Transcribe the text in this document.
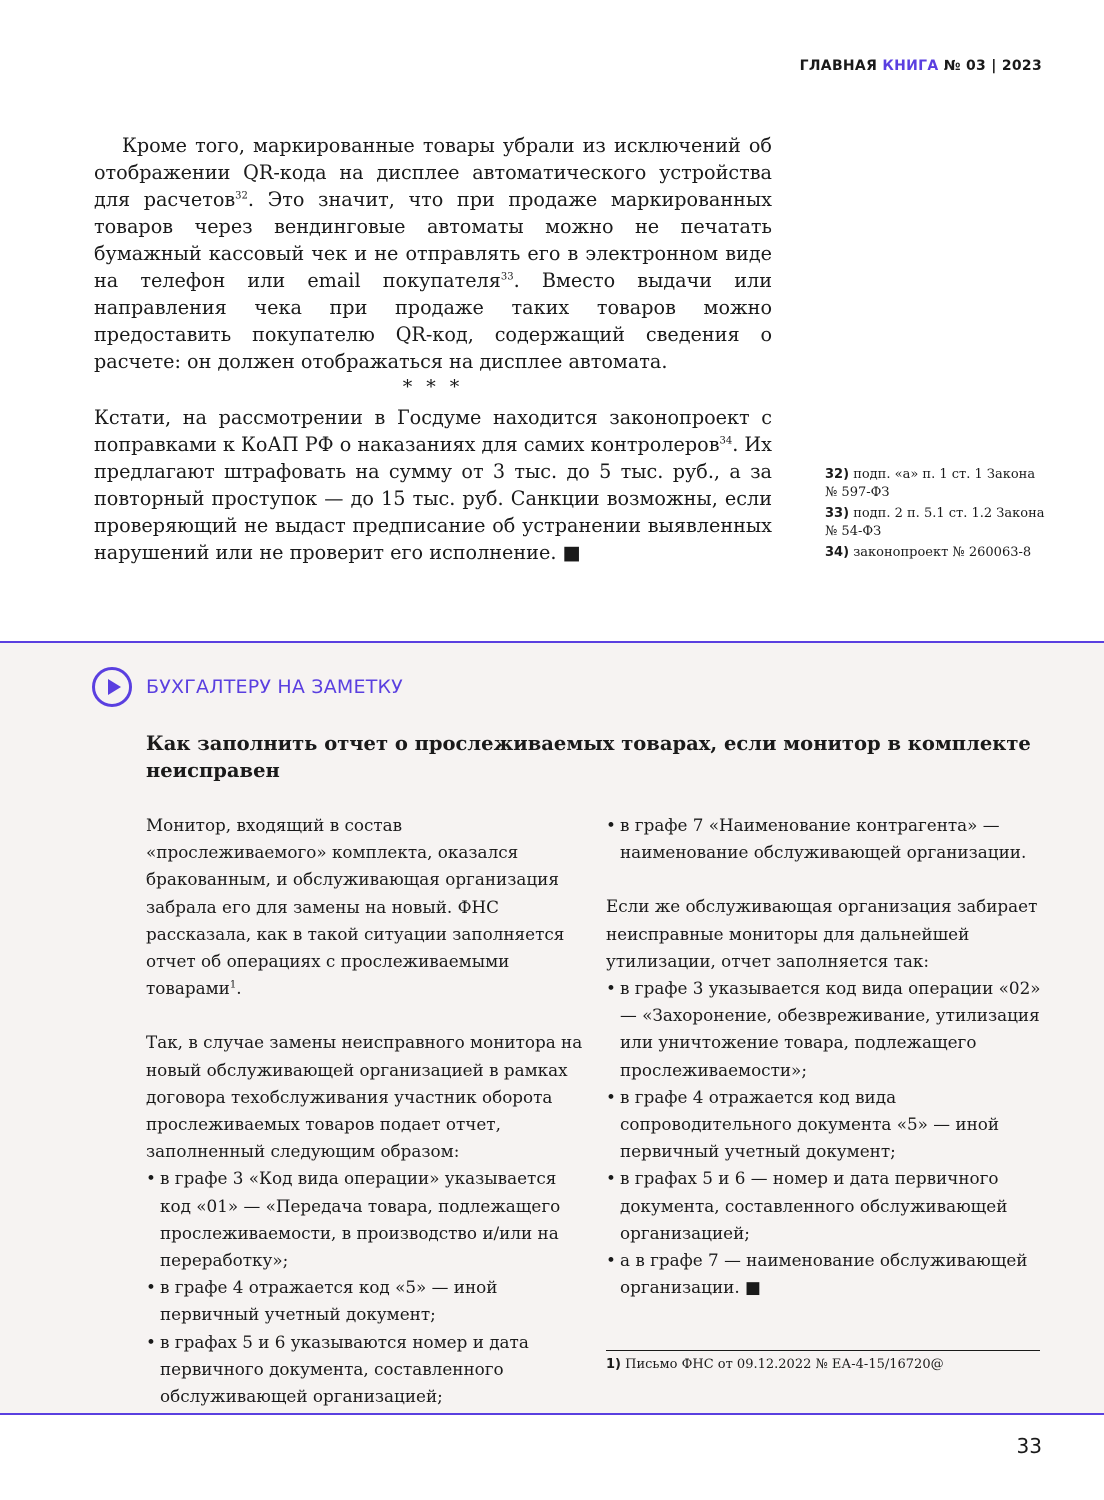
ГЛАВНАЯ КНИГА № 03 | 2023

Кроме того, маркированные товары убрали из исключений об отображении QR-кода на дисплее автоматического устройства для расчетов$^{32}$. Это значит, что при продаже маркированных товаров через вендинговые автоматы можно не печатать бумажный кассовый чек и не отправлять его в электронном виде на телефон или email покупателя$^{33}$. Вместо выдачи или направления чека при продаже таких товаров можно предоставить покупателю QR-код, содержащий сведения о расчете: он должен отображаться на дисплее автомата.

* * *

Кстати, на рассмотрении в Госдуме находится законопроект с поправками к КоАП РФ о наказаниях для самих контролеров$^{34}$. Их предлагают штрафовать на сумму от 3 тыс. до 5 тыс. руб., а за повторный проступок — до 15 тыс. руб. Санкции возможны, если проверяющий не выдаст предписание об устранении выявленных нарушений или не проверит его исполнение. ■

32) подп. «а» п. 1 ст. 1 Закона № 597-ФЗ
33) подп. 2 п. 5.1 ст. 1.2 Закона № 54-ФЗ
34) законопроект № 260063-8
БУХГАЛТЕРУ НА ЗАМЕТКУ
Как заполнить отчет о прослеживаемых товарах, если монитор в комплекте неисправен

Монитор, входящий в состав «прослеживаемого» комплекта, оказался бракованным, и обслуживающая организация забрала его для замены на новый. ФНС рассказала, как в такой ситуации заполняется отчет об операциях с прослеживаемыми товарами$^1$.

Так, в случае замены неисправного монитора на новый обслуживающей организацией в рамках договора техобслуживания участник оборота прослеживаемых товаров подает отчет, заполненный следующим образом:

• в графе 3 «Код вида операции» указывается код «01» — «Передача товара, подлежащего прослеживаемости, в производство и/или на переработку»;
• в графе 4 отражается код «5» — иной первичный учетный документ;
• в графах 5 и 6 указываются номер и дата первичного документа, составленного обслуживающей организацией;
• в графе 7 «Наименование контрагента» — наименование обслуживающей организации.

Если же обслуживающая организация забирает неисправные мониторы для дальнейшей утилизации, отчет заполняется так:

• в графе 3 указывается код вида операции «02» — «Захоронение, обезвреживание, утилизация или уничтожение товара, подлежащего прослеживаемости»;
• в графе 4 отражается код вида сопроводительного документа «5» — иной первичный учетный документ;
• в графах 5 и 6 — номер и дата первичного документа, составленного обслуживающей организацией;
• а в графе 7 — наименование обслуживающей организации. ■
1) Письмо ФНС от 09.12.2022 № ЕА-4-15/16720@
33
